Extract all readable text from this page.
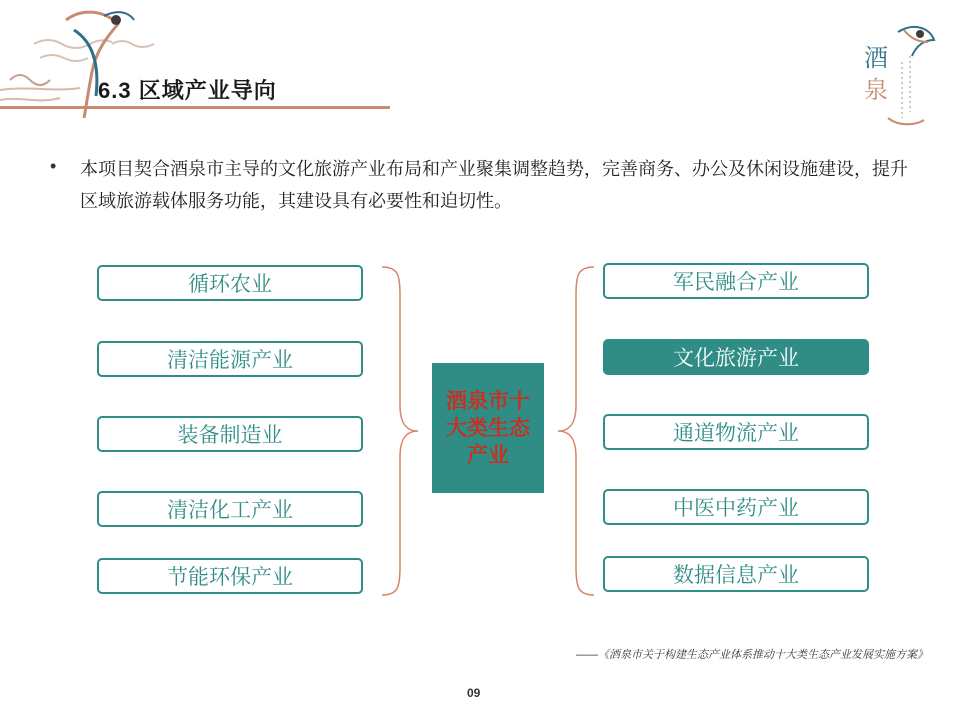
6.3 区域产业导向
酒
泉
• 本项目契合酒泉市主导的文化旅游产业布局和产业聚集调整趋势，完善商务、办公及休闲设施建设，提升区域旅游载体服务功能，其建设具有必要性和迫切性。

循环农业
清洁能源产业
装备制造业
清洁化工产业
节能环保产业
酒泉市十大类生态产业
军民融合产业
文化旅游产业
通道物流产业
中医中药产业
数据信息产业
——《酒泉市关于构建生态产业体系推动十大类生态产业发展实施方案》
09
